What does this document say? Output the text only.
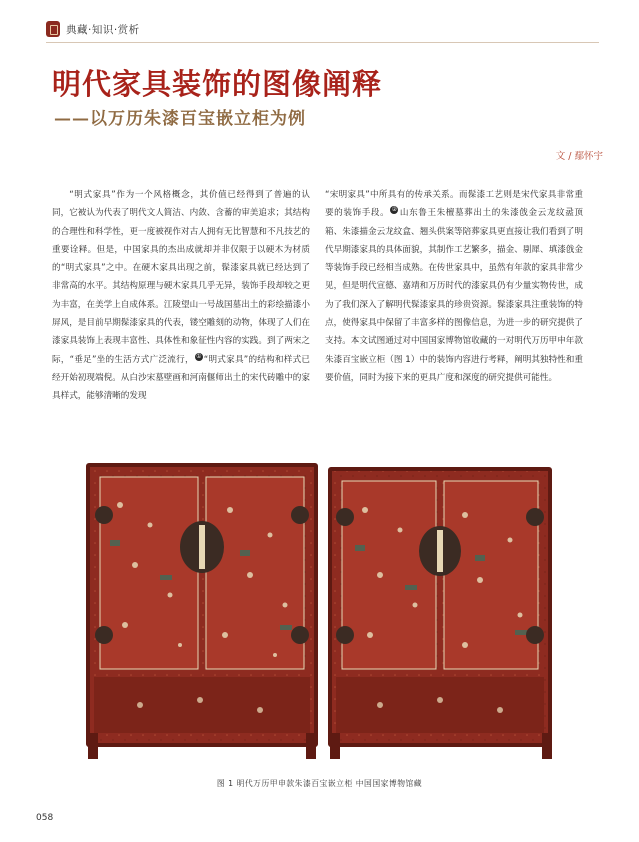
典藏·知识·赏析
明代家具装饰的图像阐释
——以万历朱漆百宝嵌立柜为例
文 / 鄢怀宇

“明式家具”作为一个风格概念，其价值已经得到了普遍的认同，它被认为代表了明代文人简洁、内敛、含蓄的审美追求；其结构的合理性和科学性，更一度被视作对古人拥有无比智慧和不凡技艺的重要诠释。但是，中国家具的杰出成就却并非仅限于以硬木为材质的“明式家具”之中。在硬木家具出现之前，髹漆家具就已经达到了非常高的水平。其结构原理与硬木家具几乎无异，装饰手段却较之更为丰富，在美学上自成体系。江陵望山一号战国墓出土的彩绘描漆小屏风，是目前早期髹漆家具的代表，镂空雕刻的动物，体现了人们在漆家具装饰上表现丰富性、具体性和象征性内容的实践。到了两宋之际，“垂足”坐的生活方式广泛流行， ① “明式家具”的结构和样式已经开始初现端倪。从白沙宋墓壁画和河南偃师出土的宋代砖雕中的家具样式，能够清晰的发现

“宋明家具”中所具有的传承关系。而髹漆工艺则是宋代家具非常重要的装饰手段。 ② 山东鲁王朱檀墓葬出土的朱漆戗金云龙纹盝顶箱、朱漆描金云龙纹盒、翘头供案等陪葬家具更直接让我们看到了明代早期漆家具的具体面貌，其制作工艺繁多，描金、剔犀、填漆戗金等装饰手段已经相当成熟。在传世家具中，虽然有年款的家具非常少见，但是明代宣德、嘉靖和万历时代的漆家具仍有少量实物传世，成为了我们深入了解明代髹漆家具的珍贵资源。髹漆家具注重装饰的特点，使得家具中保留了丰富多样的图像信息，为进一步的研究提供了支持。本文试图通过对中国国家博物馆收藏的一对明代万历甲申年款朱漆百宝嵌立柜（图 1）中的装饰内容进行考释，阐明其独特性和重要价值，同时为接下来的更具广度和深度的研究提供可能性。

图 1 明代万历甲申款朱漆百宝嵌立柜 中国国家博物馆藏
058
